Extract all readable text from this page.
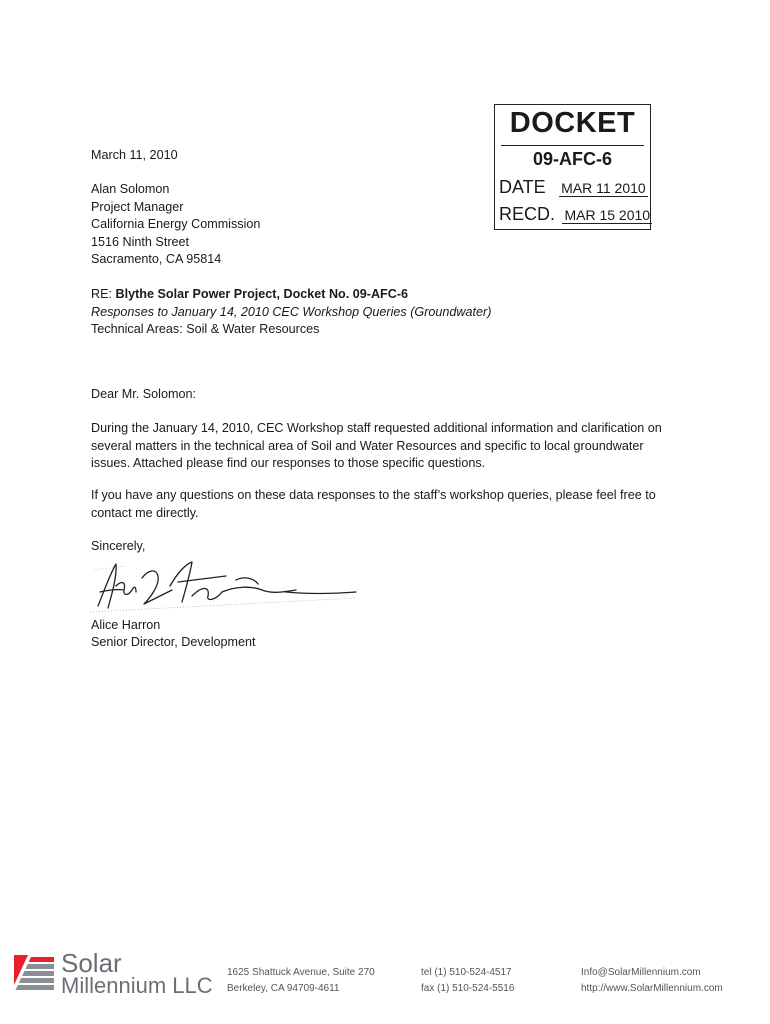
DOCKET
09-AFC-6
DATE MAR 11 2010
RECD. MAR 15 2010
March 11, 2010
Alan Solomon
Project Manager
California Energy Commission
1516 Ninth Street
Sacramento, CA 95814
RE: Blythe Solar Power Project, Docket No. 09-AFC-6
Responses to January 14, 2010 CEC Workshop Queries (Groundwater)
Technical Areas: Soil & Water Resources
Dear Mr. Solomon:
During the January 14, 2010, CEC Workshop staff requested additional information and clarification on
several matters in the technical area of Soil and Water Resources and specific to local groundwater
issues. Attached please find our responses to those specific questions.
If you have any questions on these data responses to the staff’s workshop queries, please feel free to
contact me directly.
Sincerely,
Alice Harron
Senior Director, Development
Solar
Millennium LLC
1625 Shattuck Avenue, Suite 270
Berkeley, CA 94709-4611
tel (1) 510-524-4517
fax (1) 510-524-5516
Info@SolarMillennium.com
http://www.SolarMillennium.com
